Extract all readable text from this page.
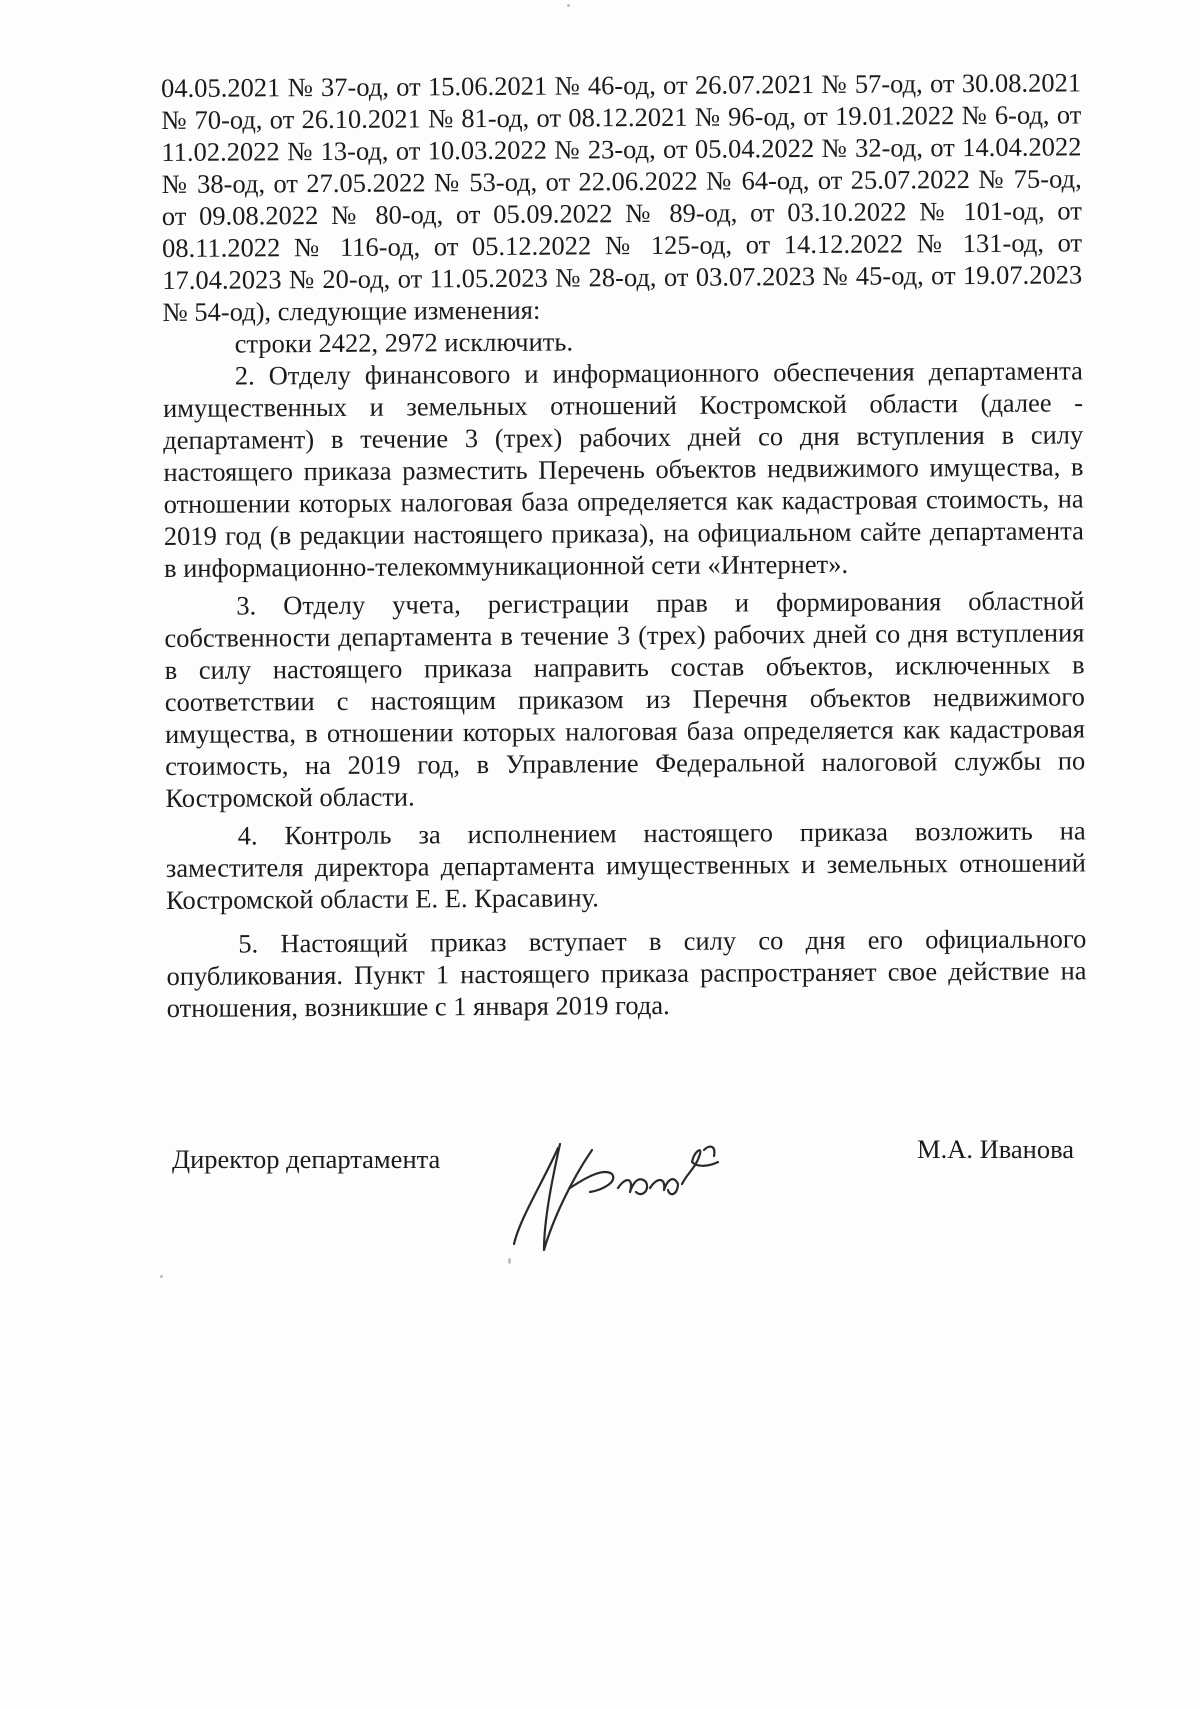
04.05.2021 № 37-од, от 15.06.2021 № 46-од, от 26.07.2021 № 57-од, от 30.08.2021 № 70-од, от 26.10.2021 № 81-од, от 08.12.2021 № 96-од, от 19.01.2022 № 6-од, от 11.02.2022 № 13-од, от 10.03.2022 № 23-од, от 05.04.2022 № 32-од, от 14.04.2022 № 38-од, от 27.05.2022 № 53-од, от 22.06.2022 № 64-од, от 25.07.2022 № 75-од, от 09.08.2022 № 80-од, от 05.09.2022 № 89-од, от 03.10.2022 № 101-од, от 08.11.2022 № 116-од, от 05.12.2022 № 125-од, от 14.12.2022 № 131-од, от 17.04.2023 № 20-од, от 11.05.2023 № 28-од, от 03.07.2023 № 45-од, от 19.07.2023 № 54-од), следующие изменения:

строки 2422, 2972 исключить.

2. Отделу финансового и информационного обеспечения департамента имущественных и земельных отношений Костромской области (далее - департамент) в течение 3 (трех) рабочих дней со дня вступления в силу настоящего приказа разместить Перечень объектов недвижимого имущества, в отношении которых налоговая база определяется как кадастровая стоимость, на 2019 год (в редакции настоящего приказа), на официальном сайте департамента в информационно-телекоммуникационной сети «Интернет».

3. Отделу учета, регистрации прав и формирования областной собственности департамента в течение 3 (трех) рабочих дней со дня вступления в силу настоящего приказа направить состав объектов, исключенных в соответствии с настоящим приказом из Перечня объектов недвижимого имущества, в отношении которых налоговая база определяется как кадастровая стоимость, на 2019 год, в Управление Федеральной налоговой службы по Костромской области.

4. Контроль за исполнением настоящего приказа возложить на заместителя директора департамента имущественных и земельных отношений Костромской области Е. Е. Красавину.

5. Настоящий приказ вступает в силу со дня его официального опубликования. Пункт 1 настоящего приказа распространяет свое действие на отношения, возникшие с 1 января 2019 года.

Директор департамента	М.А. Иванова
